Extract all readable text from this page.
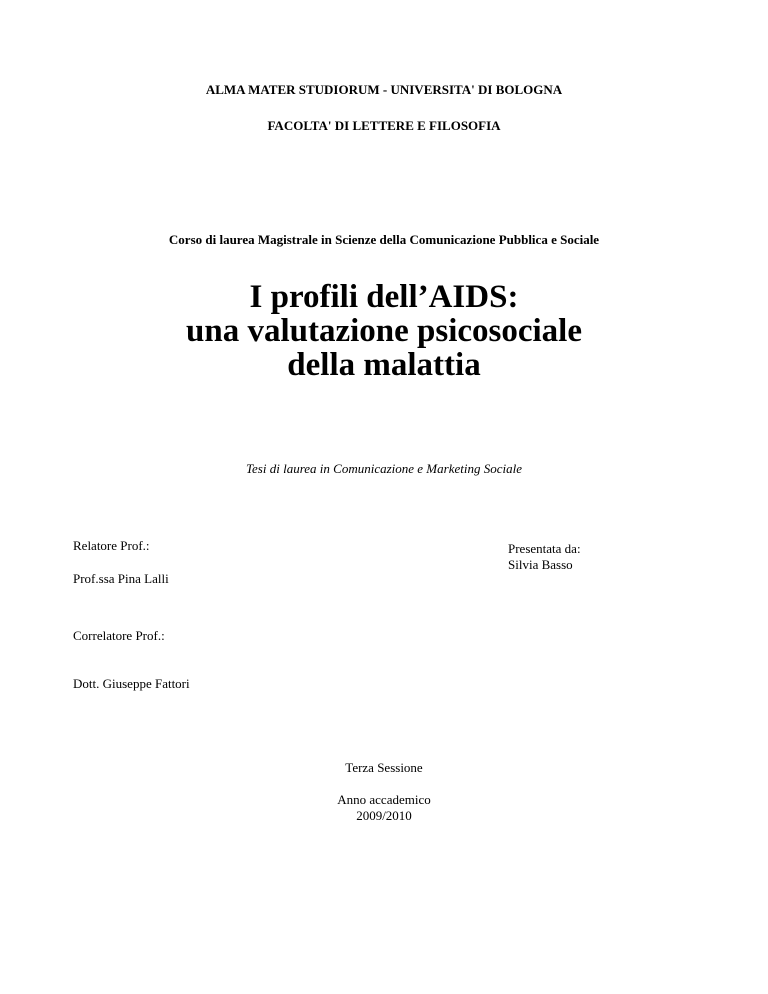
ALMA MATER STUDIORUM - UNIVERSITA' DI BOLOGNA
FACOLTA' DI LETTERE E FILOSOFIA
Corso di laurea Magistrale in Scienze della Comunicazione Pubblica e Sociale
I profili dell’AIDS:
una valutazione psicosociale
della malattia
Tesi di laurea in Comunicazione e Marketing Sociale
Relatore Prof.:
Prof.ssa Pina Lalli
Presentata da:
Silvia Basso
Correlatore Prof.:
Dott. Giuseppe Fattori
Terza Sessione
Anno accademico
2009/2010
